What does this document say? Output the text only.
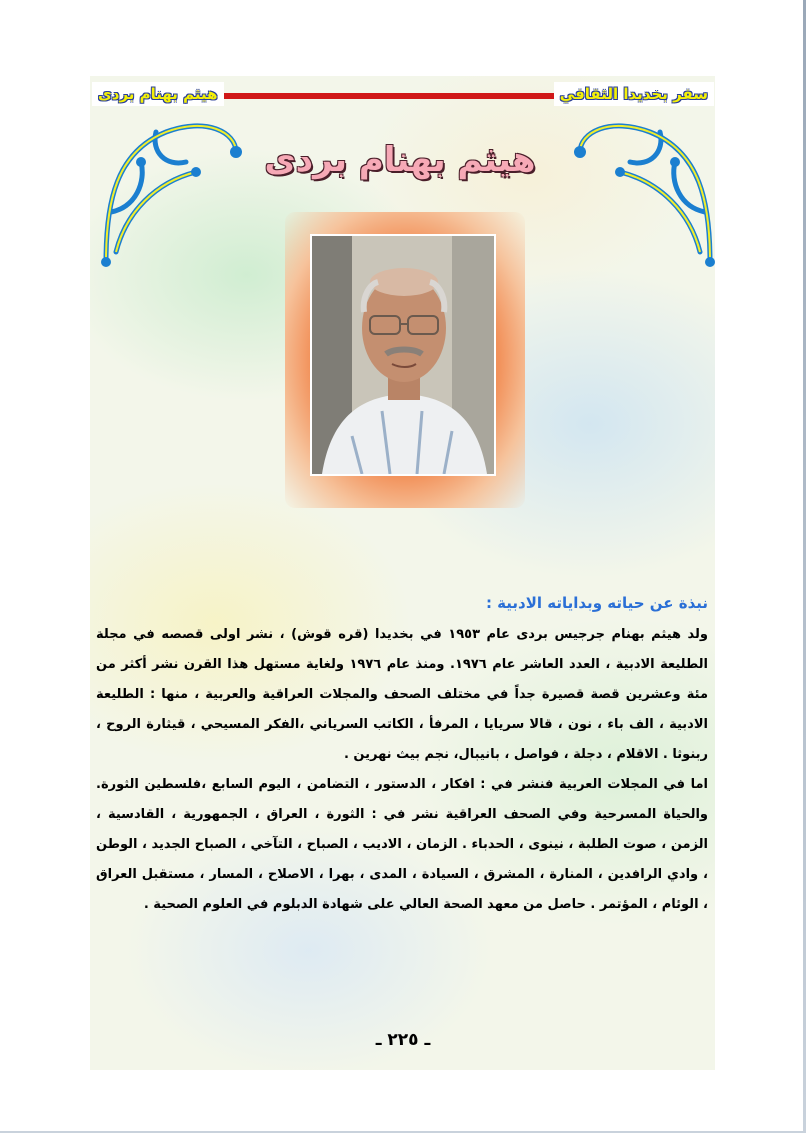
هيثم بهنام بردى	سفر بخديدا الثقافي
هيثم بهنام بردى
نبذة عن حياته وبداياته الادبية :

ولد هيثم بهنام جرجيس بردى عام ١٩٥٣ في بخديدا (قره قوش) ، نشر اولى قصصه في مجلة الطليعة الادبية ، العدد العاشر عام ١٩٧٦. ومنذ عام ١٩٧٦ ولغاية مستهل هذا القرن نشر أكثر من مئة وعشرين قصة قصيرة جداً في مختلف الصحف والمجلات العراقية والعربية ، منها : الطليعة الادبية ، الف باء ، نون ، قالا سريايا ، المرفأ ، الكاتب السرياني ،الفكر المسيحي ، قيثارة الروح ، ربنوثا . الاقلام ، دجلة ، فواصل ، بانيبال، نجم بيث نهرين .

اما في المجلات العربية فنشر في : افكار ، الدستور ، التضامن ، اليوم السابع ،فلسطين الثورة. والحياة المسرحية وفي الصحف العراقية نشر في : الثورة ، العراق ، الجمهورية ، القادسية ، الزمن ، صوت الطلبة ، نينوى ، الحدباء . الزمان ، الاديب ، الصباح ، التآخي ، الصباح الجديد ، الوطن ، وادي الرافدين ، المنارة ، المشرق ، السيادة ، المدى ، بهرا ، الاصلاح ، المسار ، مستقبل العراق ، الوئام ، المؤتمر . حاصل من معهد الصحة العالي على شهادة الدبلوم في العلوم الصحية .

ـ ٢٢٥ ـ
